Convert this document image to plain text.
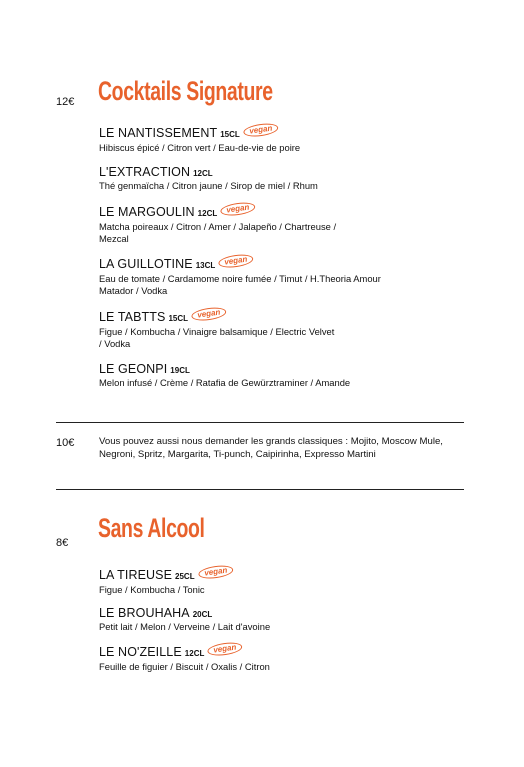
12€ Cocktails Signature
LE NANTISSEMENT 15CL	vegan
Hibiscus épicé / Citron vert / Eau-de-vie de poire
L'EXTRACTION 12CL
Thé genmaïcha / Citron jaune / Sirop de miel / Rhum
LE MARGOULIN 12CL	vegan
Matcha poireaux / Citron / Amer / Jalapeño / Chartreuse / Mezcal
LA GUILLOTINE 13CL	vegan
Eau de tomate / Cardamome noire fumée / Timut / H.Theoria Amour Matador / Vodka
LE TABTTS 15CL	vegan
Figue / Kombucha / Vinaigre balsamique / Electric Velvet / Vodka
LE GEONPI 19CL
Melon infusé / Crème / Ratafia de Gewürztraminer / Amande
10€	Vous pouvez aussi nous demander les grands classiques : Mojito, Moscow Mule, Negroni, Spritz, Margarita, Ti-punch, Caipirinha, Expresso Martini
8€ Sans Alcool
LA TIREUSE 25CL	vegan
Figue / Kombucha / Tonic
LE BROUHAHA 20CL
Petit lait / Melon / Verveine / Lait d'avoine
LE NO'ZEILLE 12CL	vegan
Feuille de figuier / Biscuit / Oxalis / Citron
